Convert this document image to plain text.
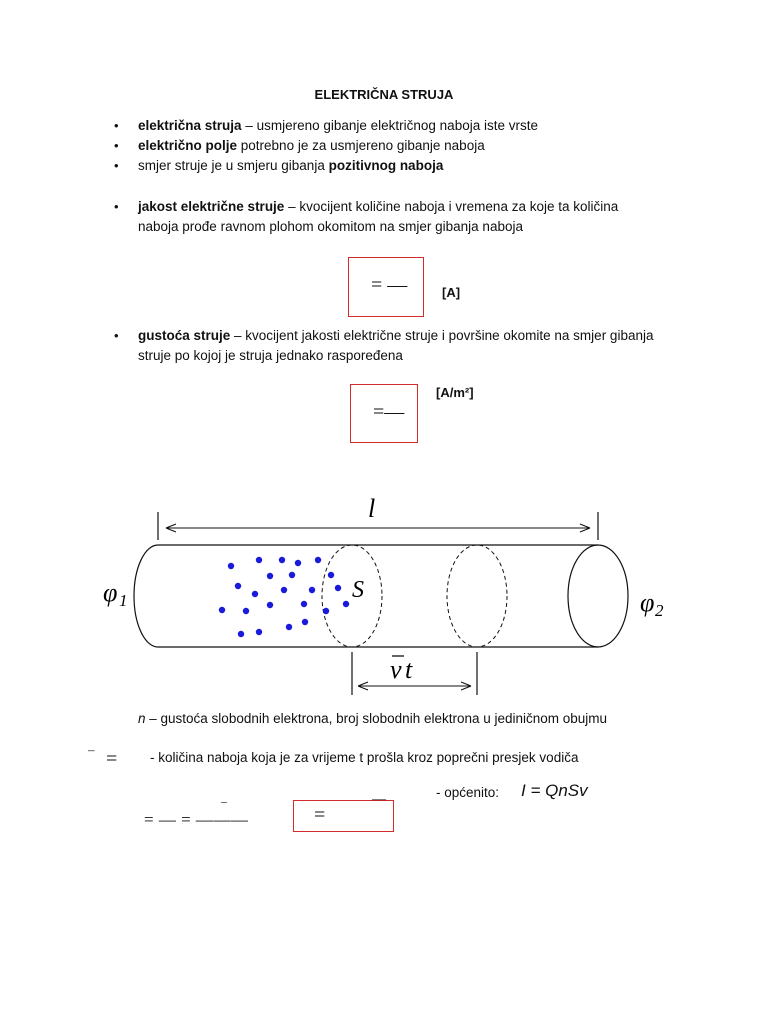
ELEKTRIČNA STRUJA
• električna struja – usmjereno gibanje električnog naboja iste vrste
• električno polje potrebno je za usmjereno gibanje naboja
• smjer struje je u smjeru gibanja pozitivnog naboja
• jakost električne struje – kvocijent količine naboja i vremena za koje ta količina naboja prođe ravnom plohom okomitom na smjer gibanja naboja
= —	[A]
• gustoća struje – kvocijent jakosti električne struje i površine okomite na smjer gibanja struje po kojoj je struja jednako raspoređena
=—
[A/m²]
l
S
φ 1	φ 2
v t
n – gustoća slobodnih elektrona, broj slobodnih elektrona u jediničnom obujmu
– = - količina naboja koja je za vrijeme t prošla kroz poprečni presjek vodiča
- općenito: I = QnSv
–
= — = ———	=
—
